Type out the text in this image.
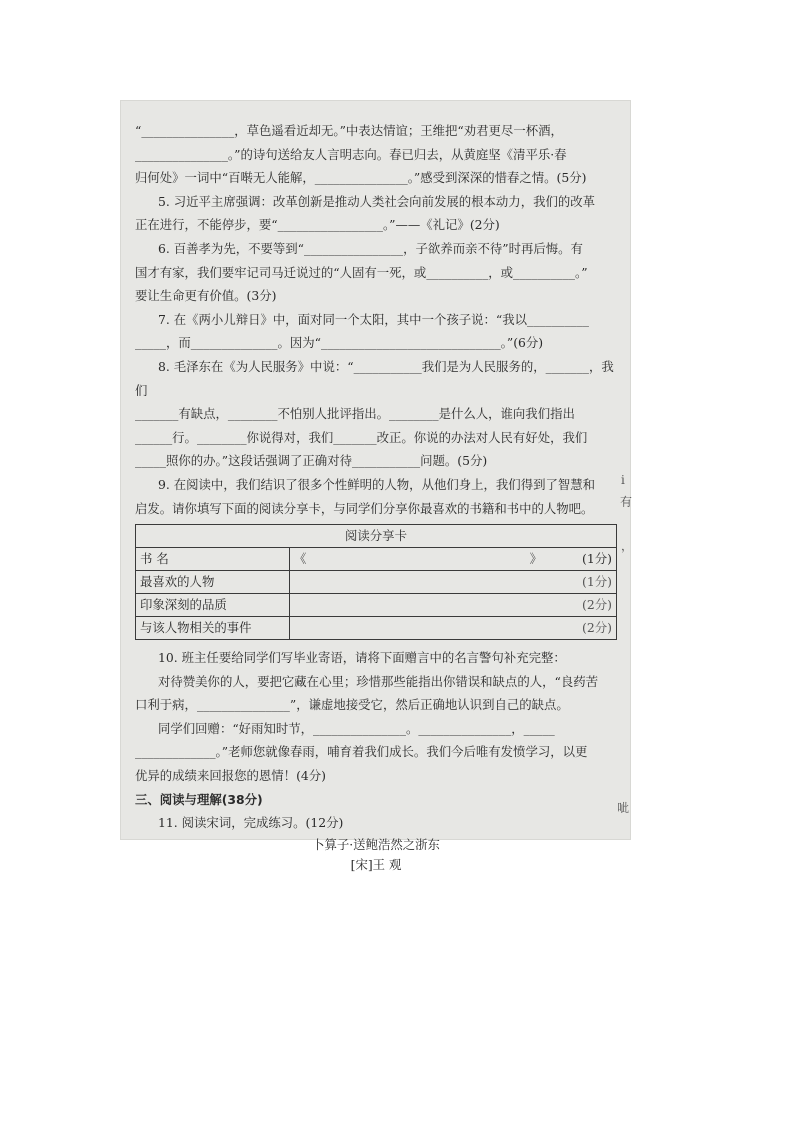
“_______________，草色遥看近却无。”中表达情谊；王维把“劝君更尽一杯酒，

_______________。”的诗句送给友人言明志向。春已归去，从黄庭坚《清平乐·春

归何处》一词中“百啭无人能解，_______________。”感受到深深的惜春之情。(5分)

5. 习近平主席强调：改革创新是推动人类社会向前发展的根本动力，我们的改革

正在进行，不能停步，要“_________________。”——《礼记》(2分)

6. 百善孝为先，不要等到“________________，子欲养而亲不待”时再后悔。有

国才有家，我们要牢记司马迁说过的“人固有一死，或__________，或__________。”

要让生命更有价值。(3分)

7. 在《两小儿辩日》中，面对同一个太阳，其中一个孩子说：“我以__________

_____，而______________。因为“_____________________________。”(6分)

8. 毛泽东在《为人民服务》中说：“___________我们是为人民服务的，_______，我们

_______有缺点，________不怕别人批评指出。________是什么人，谁向我们指出

______行。________你说得对，我们_______改正。你说的办法对人民有好处，我们

_____照你的办。”这段话强调了正确对待___________问题。(5分)

9. 在阅读中，我们结识了很多个性鲜明的人物，从他们身上，我们得到了智慧和

启发。请你填写下面的阅读分享卡，与同学们分享你最喜欢的书籍和书中的人物吧。

阅读分享卡	
书 名	《 》 (1分)

最喜欢的人物	(1分)
印象深刻的品质	(2分)
与该人物相关的事件	(2分)

10. 班主任要给同学们写毕业寄语，请将下面赠言中的名言警句补充完整：

对待赞美你的人，要把它藏在心里；珍惜那些能指出你错误和缺点的人，“良药苦

口利于病，_______________”，谦虚地接受它，然后正确地认识到自己的缺点。

同学们回赠：“好雨知时节，_______________。_______________，_____

_____________。”老师您就像春雨，哺育着我们成长。我们今后唯有发愤学习，以更

优异的成绩来回报您的恩情！(4分)

三、阅读与理解(38分)

11. 阅读宋词，完成练习。(12分)

卜算子·送鲍浩然之浙东

[宋]王 观

i
有
，
呲
